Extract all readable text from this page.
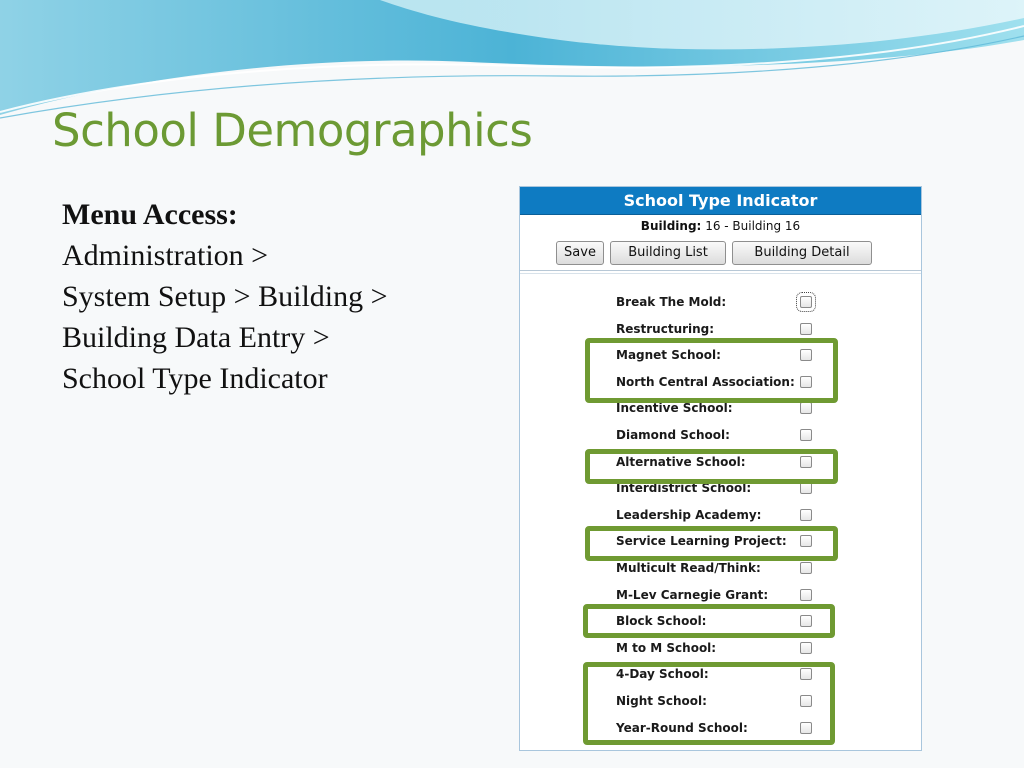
School Demographics
Menu Access:
Administration >
System Setup > Building >
Building Data Entry >
School Type Indicator
School Type Indicator
Building: 16 - Building 16
Save	Building List	Building Detail
Break The Mold:
Restructuring:
Magnet School:
North Central Association:
Incentive School:
Diamond School:
Alternative School:
Interdistrict School:
Leadership Academy:
Service Learning Project:
Multicult Read/Think:
M-Lev Carnegie Grant:
Block School:
M to M School:
4-Day School:
Night School:
Year-Round School:
